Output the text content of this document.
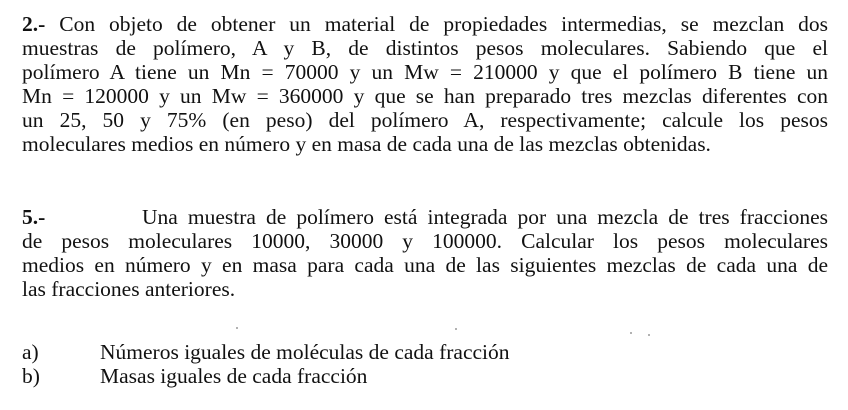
2.- Con objeto de obtener un material de propiedades intermedias, se mezclan dos
muestras de polímero, A y B, de distintos pesos moleculares. Sabiendo que el
polímero A tiene un Mn = 70000 y un Mw = 210000 y que el polímero B tiene un
Mn = 120000 y un Mw = 360000 y que se han preparado tres mezclas diferentes con
un 25, 50 y 75% (en peso) del polímero A, respectivamente; calcule los pesos
moleculares medios en número y en masa de cada una de las mezclas obtenidas.
5.-	Una muestra de polímero está integrada por una mezcla de tres fracciones
de pesos moleculares 10000, 30000 y 100000. Calcular los pesos moleculares
medios en número y en masa para cada una de las siguientes mezclas de cada una de
las fracciones anteriores.
a)	Números iguales de moléculas de cada fracción
b)	Masas iguales de cada fracción
